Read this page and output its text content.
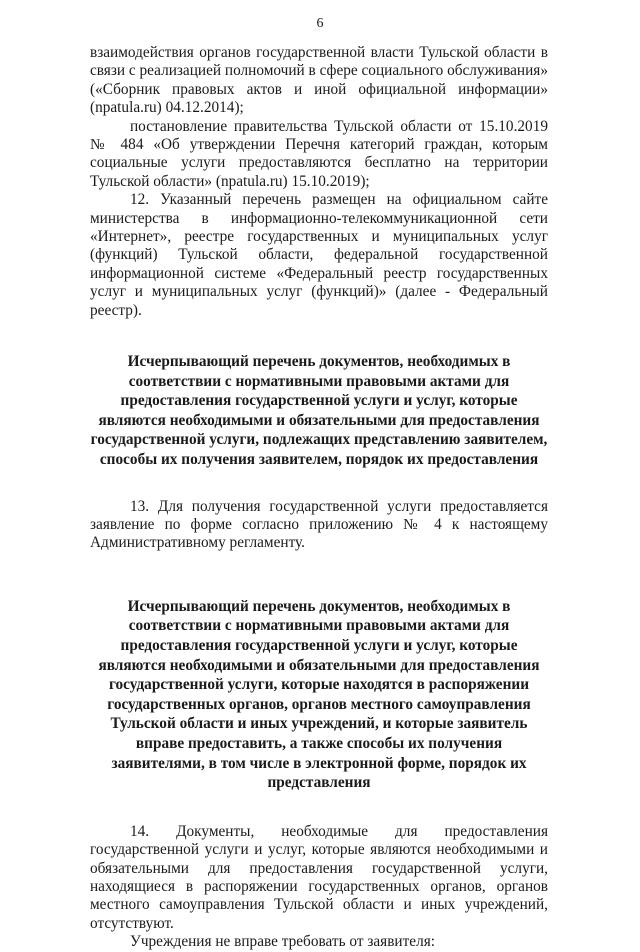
6

взаимодействия органов государственной власти Тульской области в связи с реализацией полномочий в сфере социального обслуживания» («Сборник правовых актов и иной официальной информации» (npatula.ru) 04.12.2014);

постановление правительства Тульской области от 15.10.2019 № 484 «Об утверждении Перечня категорий граждан, которым социальные услуги предоставляются бесплатно на территории Тульской области» (npatula.ru) 15.10.2019);

12. Указанный перечень размещен на официальном сайте министерства в информационно-телекоммуникационной сети «Интернет», реестре государственных и муниципальных услуг (функций) Тульской области, федеральной государственной информационной системе «Федеральный реестр государственных услуг и муниципальных услуг (функций)» (далее - Федеральный реестр).

Исчерпывающий перечень документов, необходимых в соответствии с нормативными правовыми актами для предоставления государственной услуги и услуг, которые являются необходимыми и обязательными для предоставления государственной услуги, подлежащих представлению заявителем, способы их получения заявителем, порядок их предоставления

13. Для получения государственной услуги предоставляется заявление по форме согласно приложению № 4 к настоящему Административному регламенту.

Исчерпывающий перечень документов, необходимых в соответствии с нормативными правовыми актами для предоставления государственной услуги и услуг, которые являются необходимыми и обязательными для предоставления государственной услуги, которые находятся в распоряжении государственных органов, органов местного самоуправления Тульской области и иных учреждений, и которые заявитель вправе предоставить, а также способы их получения заявителями, в том числе в электронной форме, порядок их представления

14. Документы, необходимые для предоставления государственной услуги и услуг, которые являются необходимыми и обязательными для предоставления государственной услуги, находящиеся в распоряжении государственных органов, органов местного самоуправления Тульской области и иных учреждений, отсутствуют.

Учреждения не вправе требовать от заявителя:
